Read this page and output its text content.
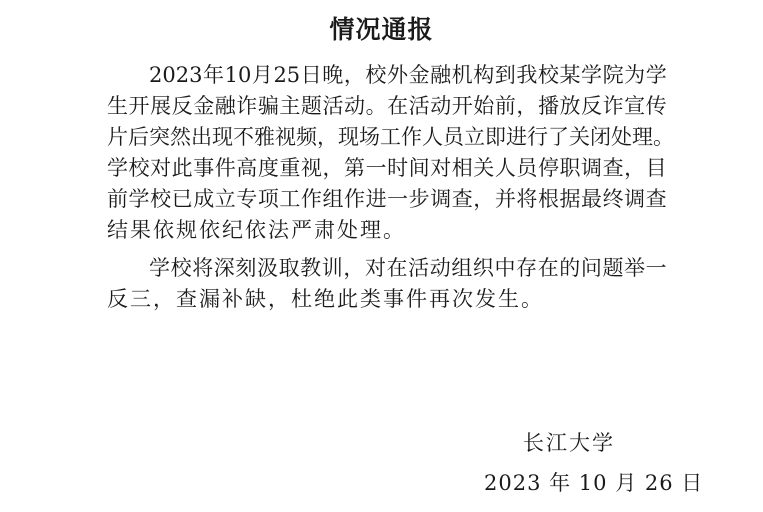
情况通报
2023 年 10 月 25 日 晚 ， 校 外 金 融 机 构 到 我 校 某 学 院 为 学
生 开 展 反 金 融 诈 骗 主 题 活 动 。 在 活 动 开 始 前 ， 播 放 反 诈 宣 传
片 后 突 然 出 现 不 雅 视 频 ， 现 场 工 作 人 员 立 即 进 行 了 关 闭 处 理 。
学 校 对 此 事 件 高 度 重 视 ， 第 一 时 间 对 相 关 人 员 停 职 调 查 ， 目
前 学 校 已 成 立 专 项 工 作 组 作 进 一 步 调 查 ， 并 将 根 据 最 终 调 查
结果依规依纪依法严肃处理。
学 校 将 深 刻 汲 取 教 训 ， 对 在 活 动 组 织 中 存 在 的 问 题 举 一
反三，查漏补缺，杜绝此类事件再次发生。
长江大学
2023 年 10 月 26 日
